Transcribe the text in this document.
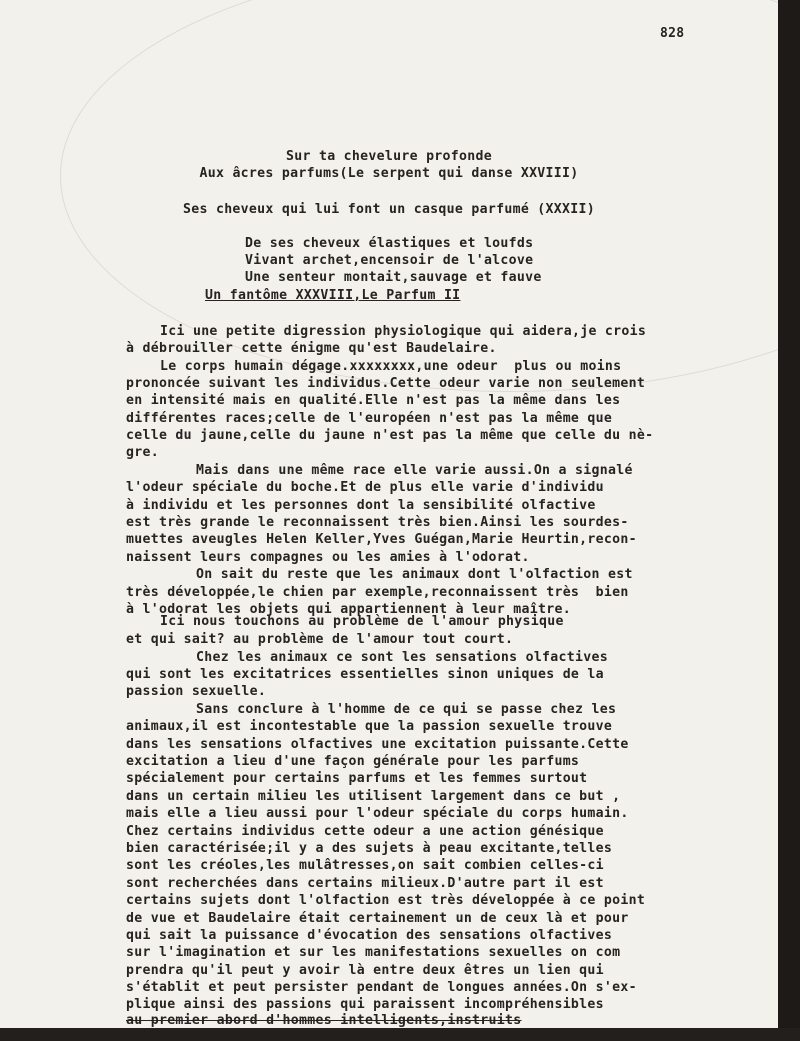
828

Sur ta chevelure profonde

Aux âcres parfums(Le serpent qui danse XXVIII)

Ses cheveux qui lui font un casque parfumé (XXXII)

De ses cheveux élastiques et loufds

Vivant archet,encensoir de l'alcove

Une senteur montait,sauvage et fauve

Un fantôme XXXVIII,Le Parfum II

Ici une petite digression physiologique qui aidera,je crois

à débrouiller cette énigme qu'est Baudelaire.

Le corps humain dégage.xxxxxxxx,une odeur  plus ou moins

prononcée suivant les individus.Cette odeur varie non seulement

en intensité mais en qualité.Elle n'est pas la même dans les

différentes races;celle de l'européen n'est pas la même que

celle du jaune,celle du jaune n'est pas la même que celle du nè-

gre.

Mais dans une même race elle varie aussi.On a signalé

l'odeur spéciale du boche.Et de plus elle varie d'individu

à individu et les personnes dont la sensibilité olfactive

est très grande le reconnaissent très bien.Ainsi les sourdes-

muettes aveugles Helen Keller,Yves Guégan,Marie Heurtin,recon-

naissent leurs compagnes ou les amies à l'odorat.

On sait du reste que les animaux dont l'olfaction est

très développée,le chien par exemple,reconnaissent très  bien

à l'odorat les objets qui appartiennent à leur maître.

Ici nous touchons au problème de l'amour physique

et qui sait? au problème de l'amour tout court.

Chez les animaux ce sont les sensations olfactives

qui sont les excitatrices essentielles sinon uniques de la

passion sexuelle.

Sans conclure à l'homme de ce qui se passe chez les

animaux,il est incontestable que la passion sexuelle trouve

dans les sensations olfactives une excitation puissante.Cette

excitation a lieu d'une façon générale pour les parfums

spécialement pour certains parfums et les femmes surtout

dans un certain milieu les utilisent largement dans ce but ,

mais elle a lieu aussi pour l'odeur spéciale du corps humain.

Chez certains individus cette odeur a une action génésique

bien caractérisée;il y a des sujets à peau excitante,telles

sont les créoles,les mulâtresses,on sait combien celles-ci

sont recherchées dans certains milieux.D'autre part il est

certains sujets dont l'olfaction est très développée à ce point

de vue et Baudelaire était certainement un de ceux là et pour

qui sait la puissance d'évocation des sensations olfactives

sur l'imagination et sur les manifestations sexuelles on com

prendra qu'il peut y avoir là entre deux êtres un lien qui

s'établit et peut persister pendant de longues années.On s'ex-

plique ainsi des passions qui paraissent incompréhensibles

au premier abord d'hommes intelligents,instruits
